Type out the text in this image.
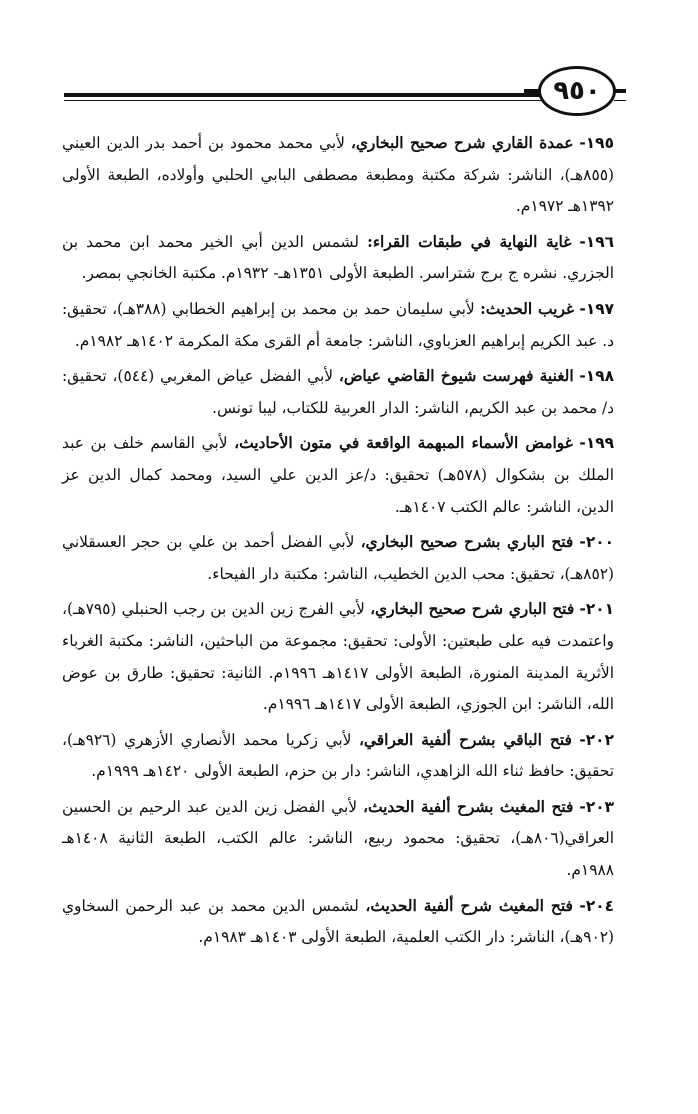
٩٥٠

١٩٥- عمدة القاري شرح صحيح البخاري، لأبي محمد محمود بن أحمد بدر الدين العيني (٨٥٥هـ)، الناشر: شركة مكتبة ومطبعة مصطفى البابي الحلبي وأولاده، الطبعة الأولى ١٣٩٢هـ ١٩٧٢م.

١٩٦- غاية النهاية في طبقات القراء: لشمس الدين أبي الخير محمد ابن محمد بن الجزري. نشره ج برج شتراسر. الطبعة الأولى ١٣٥١هـ- ١٩٣٢م. مكتبة الخانجي بمصر.

١٩٧- غريب الحديث: لأبي سليمان حمد بن محمد بن إبراهيم الخطابي (٣٨٨هـ)، تحقيق: د. عبد الكريم إبراهيم العزباوي، الناشر: جامعة أم القرى مكة المكرمة ١٤٠٢هـ ١٩٨٢م.

١٩٨- الغنية فهرست شيوخ القاضي عياض، لأبي الفضل عياض المغربي (٥٤٤)، تحقيق: د/ محمد بن عبد الكريم، الناشر: الدار العربية للكتاب، ليبا تونس.

١٩٩- غوامض الأسماء المبهمة الواقعة في متون الأحاديث، لأبي القاسم خلف بن عبد الملك بن بشكوال (٥٧٨هـ) تحقيق: د/عز الدين علي السيد، ومحمد كمال الدين عز الدين، الناشر: عالم الكتب ١٤٠٧هـ.

٢٠٠- فتح الباري بشرح صحيح البخاري، لأبي الفضل أحمد بن علي بن حجر العسقلاني (٨٥٢هـ)، تحقيق: محب الدين الخطيب، الناشر: مكتبة دار الفيحاء.

٢٠١- فتح الباري شرح صحيح البخاري، لأبي الفرج زين الدين بن رجب الحنبلي (٧٩٥هـ)، واعتمدت فيه على طبعتين: الأولى: تحقيق: مجموعة من الباحثين، الناشر: مكتبة الغرباء الأثرية المدينة المنورة، الطبعة الأولى ١٤١٧هـ ١٩٩٦م. الثانية: تحقيق: طارق بن عوض الله، الناشر: ابن الجوزي، الطبعة الأولى ١٤١٧هـ ١٩٩٦م.

٢٠٢- فتح الباقي بشرح ألفية العراقي، لأبي زكريا محمد الأنصاري الأزهري (٩٢٦هـ)، تحقيق: حافظ ثناء الله الزاهدي، الناشر: دار بن حزم، الطبعة الأولى ١٤٢٠هـ ١٩٩٩م.

٢٠٣- فتح المغيث بشرح ألفية الحديث، لأبي الفضل زين الدين عبد الرحيم بن الحسين العراقي(٨٠٦هـ)، تحقيق: محمود ربيع، الناشر: عالم الكتب، الطبعة الثانية ١٤٠٨هـ ١٩٨٨م.

٢٠٤- فتح المغيث شرح ألفية الحديث، لشمس الدين محمد بن عبد الرحمن السخاوي (٩٠٢هـ)، الناشر: دار الكتب العلمية، الطبعة الأولى ١٤٠٣هـ ١٩٨٣م.
